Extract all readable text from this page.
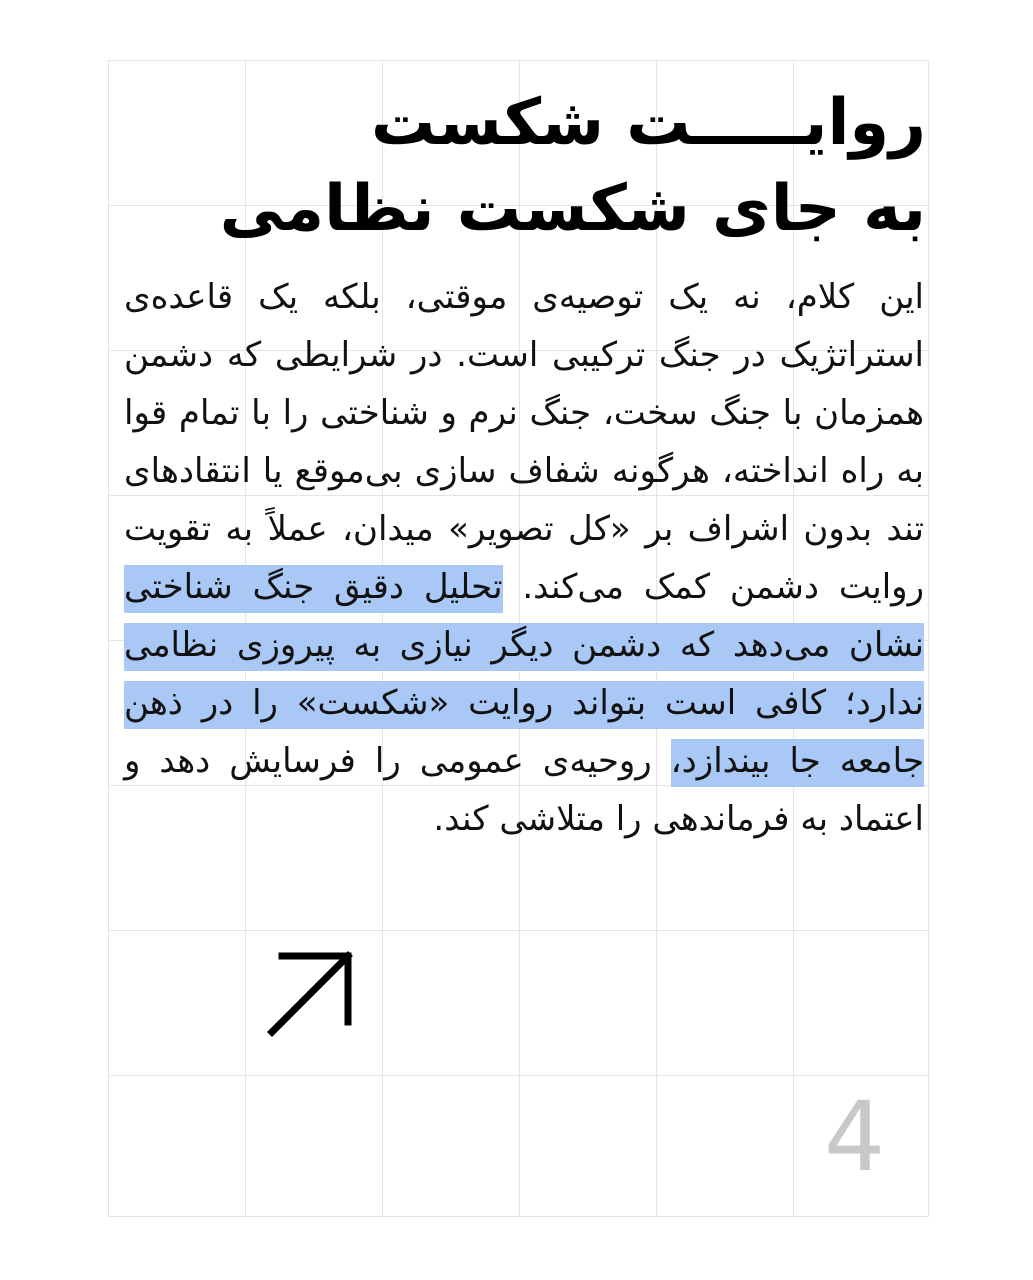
روایـــــت شکست
به جای شکست نظامی

این کلام، نه یک توصیه‌ی موقتی، بلکه یک قاعده‌ی استراتژیک در جنگ ترکیبی است. در شرایطی که دشمن همزمان با جنگ سخت، جنگ نرم و شناختی را با تمام قوا به راه انداخته، هرگونه شفاف سازی بی‌موقع یا انتقادهای تند بدون اشراف بر «کل تصویر» میدان، عملاً به تقویت روایت دشمن کمک می‌کند. تحلیل دقیق جنگ شناختی نشان می‌دهد که دشمن دیگر نیازی به پیروزی نظامی ندارد؛ کافی است بتواند روایت «شکست» را در ذهن جامعه جا بیندازد، روحیه‌ی عمومی را فرسایش دهد و اعتماد به فرماندهی را متلاشی کند.

4
